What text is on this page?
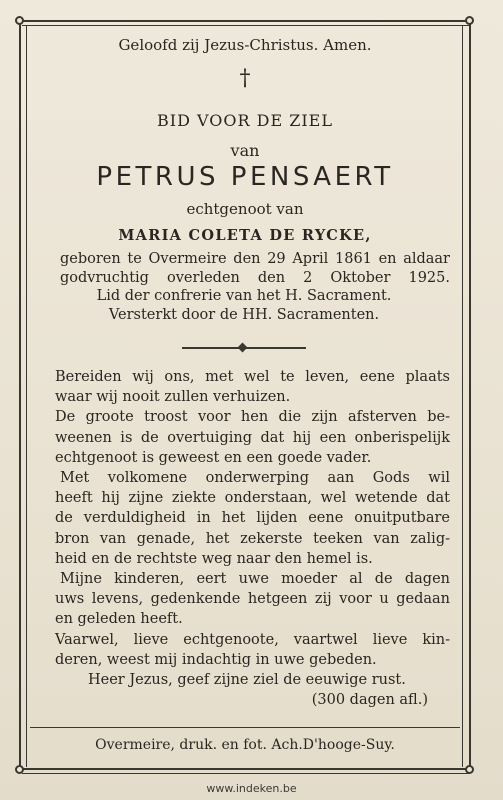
Geloofd zij Jezus-Christus. Amen.
†
BID VOOR DE ZIEL
van
PETRUS PENSAERT
echtgenoot van
MARIA COLETA DE RYCKE,
geboren te Overmeire den 29 April 1861 en aldaar
godvruchtig overleden den 2 Oktober 1925.
Lid der confrerie van het H. Sacrament.
Versterkt door de HH. Sacramenten.
Bereiden wij ons, met wel te leven, eene plaats
waar wij nooit zullen verhuizen.
De groote troost voor hen die zijn afsterven be-
weenen is de overtuiging dat hij een onberispelijk
echtgenoot is geweest en een goede vader.
Met volkomene onderwerping aan Gods wil
heeft hij zijne ziekte onderstaan, wel wetende dat
de verduldigheid in het lijden eene onuitputbare
bron van genade, het zekerste teeken van zalig-
heid en de rechtste weg naar den hemel is.
Mijne kinderen, eert uwe moeder al de dagen
uws levens, gedenkende hetgeen zij voor u gedaan
en geleden heeft.
Vaarwel, lieve echtgenoote, vaartwel lieve kin-
deren, weest mij indachtig in uwe gebeden.
Heer Jezus, geef zijne ziel de eeuwige rust.
(300 dagen afl.)
Overmeire, druk. en fot. Ach.D'hooge-Suy.
www.indeken.be
